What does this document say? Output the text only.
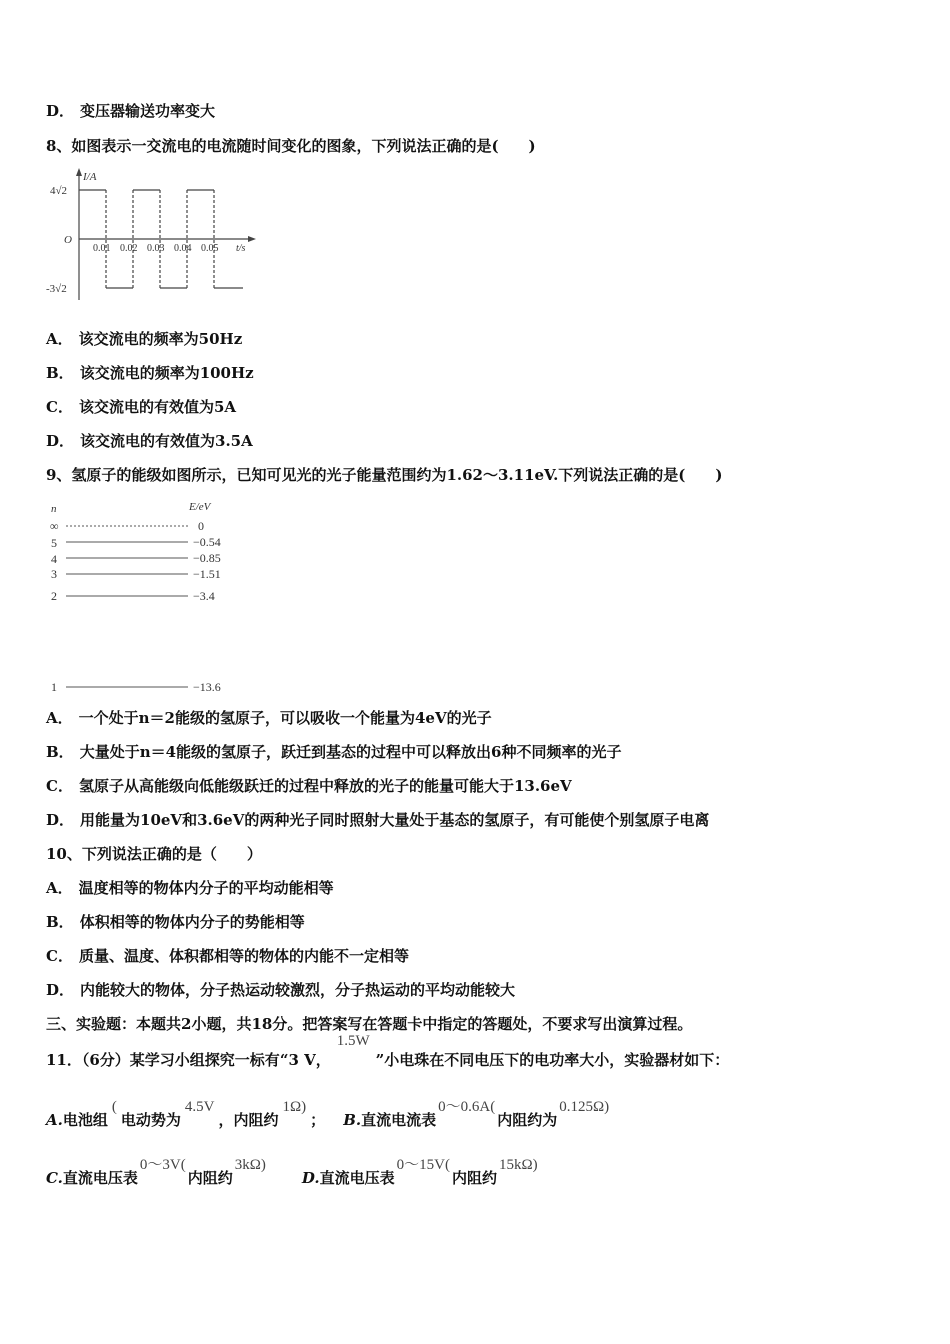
D． 变压器输送功率变大
8、如图表示一交流电的电流随时间变化的图象，下列说法正确的是(　　)
I/A
4√2
O
-3√2
0.01 0.02 0.03 0.04 0.05 t/s
A． 该交流电的频率为50Hz
B． 该交流电的频率为100Hz
C． 该交流电的有效值为5A
D． 该交流电的有效值为3.5A
9、氢原子的能级如图所示，已知可见光的光子能量范围约为1.62～3.11eV.下列说法正确的是(　　)
n	E/eV
∞	0
5	−0.54
4	−0.85
3	−1.51
2	−3.4
1	−13.6
A． 一个处于n＝2能级的氢原子，可以吸收一个能量为4eV的光子
B． 大量处于n＝4能级的氢原子，跃迁到基态的过程中可以释放出6种不同频率的光子
C． 氢原子从高能级向低能级跃迁的过程中释放的光子的能量可能大于13.6eV
D． 用能量为10eV和3.6eV的两种光子同时照射大量处于基态的氢原子，有可能使个别氢原子电离
10、下列说法正确的是（　　）
A． 温度相等的物体内分子的平均动能相等
B． 体积相等的物体内分子的势能相等
C． 质量、温度、体积都相等的物体的内能不一定相等
D． 内能较大的物体，分子热运动较激烈，分子热运动的平均动能较大
三、实验题：本题共2小题，共18分。把答案写在答题卡中指定的答题处，不要求写出演算过程。
11．（6分）某学习小组探究一标有“3 V，1.5W”小电珠在不同电压下的电功率大小，实验器材如下：
A.电池组(电动势为4.5V，内阻约1Ω)； B.直流电流表0～0.6A(内阻约为0.125Ω)
C.直流电压表0～3V(内阻约3kΩ)D.直流电压表0～15V(内阻约15kΩ)
